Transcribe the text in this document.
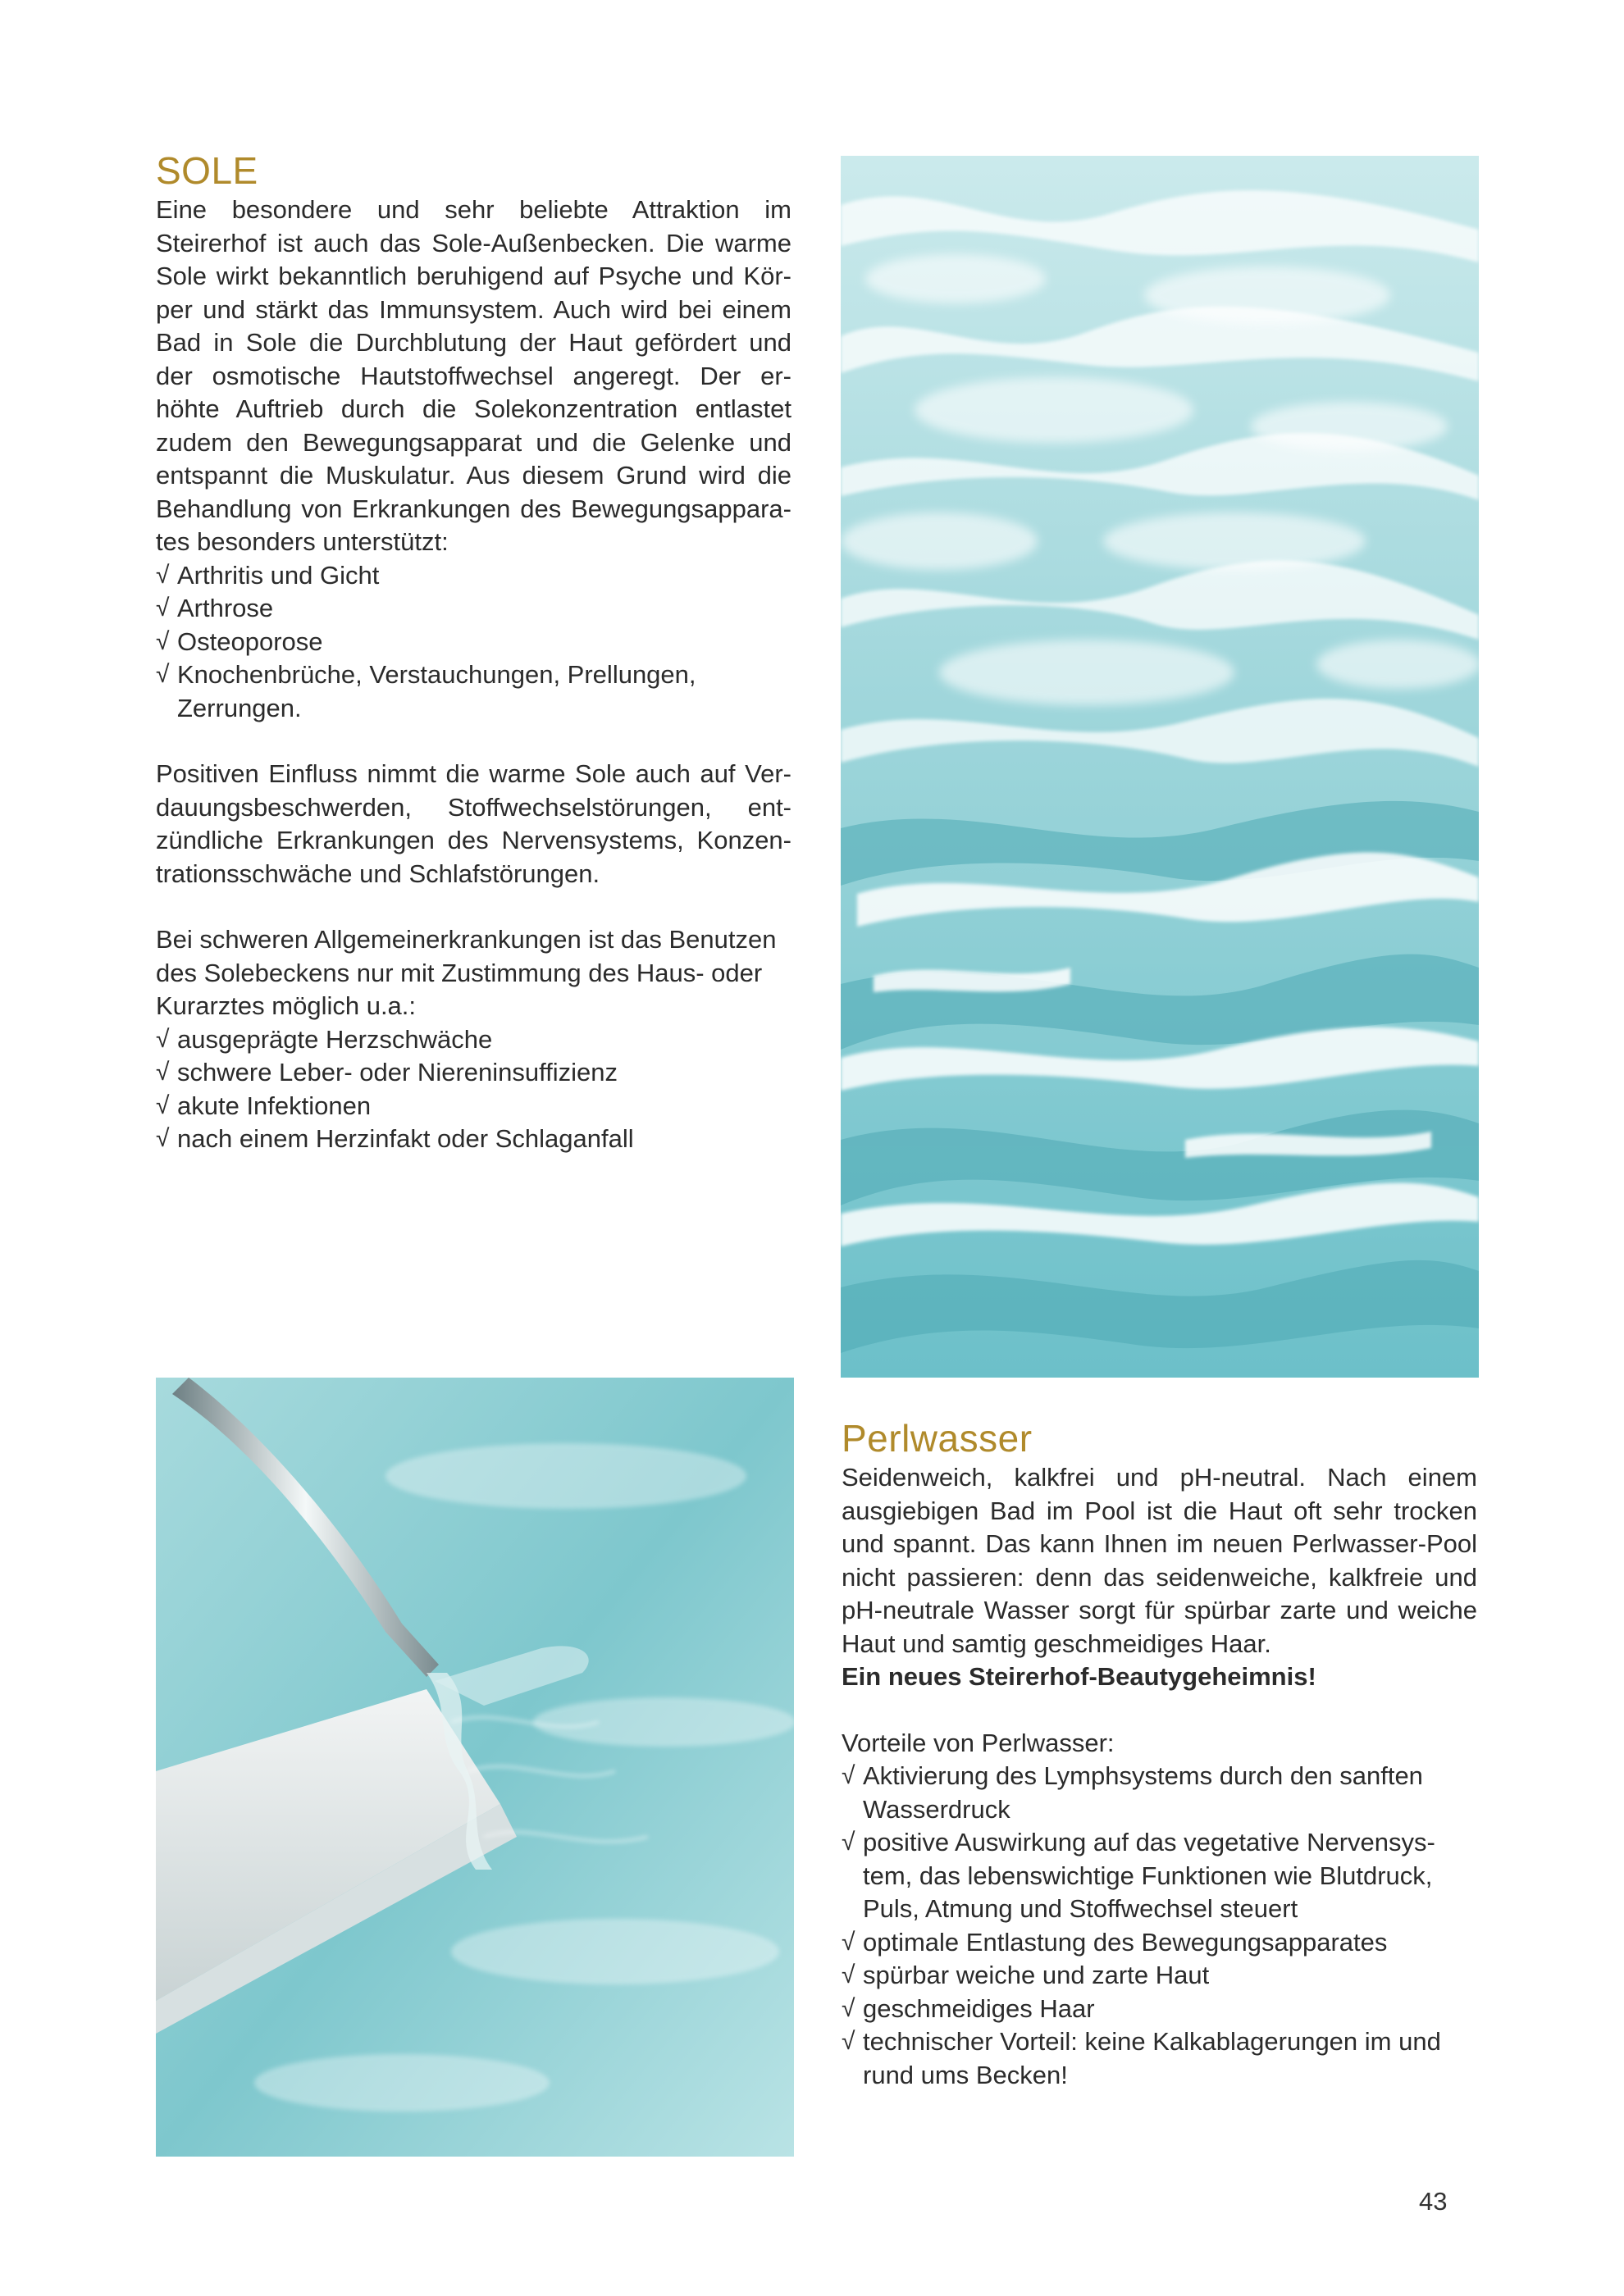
SOLE
Eine besondere und sehr beliebte Attraktion im
Steirerhof ist auch das Sole-Außenbecken. Die warme
Sole wirkt bekanntlich beruhigend auf Psyche und Kör-
per und stärkt das Immunsystem. Auch wird bei einem
Bad in Sole die Durchblutung der Haut gefördert und
der osmotische Hautstoffwechsel angeregt. Der er-
höhte Auftrieb durch die Solekonzentration entlastet
zudem den Bewegungsapparat und die Gelenke und
entspannt die Muskulatur. Aus diesem Grund wird die
Behandlung von Erkrankungen des Bewegungsapparа-
tes besonders unterstützt:
√ Arthritis und Gicht
√ Arthrose
√ Osteoporose
√ Knochenbrüche, Verstauchungen, Prellungen, Zerrungen.
Positiven Einfluss nimmt die warme Sole auch auf Ver-
dauungsbeschwerden, Stoffwechselstörungen, ent-
zündliche Erkrankungen des Nervensystems, Konzen-
trationsschwäche und Schlafstörungen.
Bei schweren Allgemeinerkrankungen ist das Benutzen
des Solebeckens nur mit Zustimmung des Haus- oder
Kurarztes möglich u.a.:
√ ausgeprägte Herzschwäche
√ schwere Leber- oder Niereninsuffizienz
√ akute Infektionen
√ nach einem Herzinfakt oder Schlaganfall
Perlwasser
Seidenweich, kalkfrei und pH-neutral. Nach einem
ausgiebigen Bad im Pool ist die Haut oft sehr trocken
und spannt. Das kann Ihnen im neuen Perlwasser-Pool
nicht passieren: denn das seidenweiche, kalkfreie und
pH-neutrale Wasser sorgt für spürbar zarte und weiche
Haut und samtig geschmeidiges Haar.

Ein neues Steirerhof-Beautygeheimnis!

Vorteile von Perlwasser:

√ Aktivierung des Lymphsystems durch den sanften Wasserdruck
√ positive Auswirkung auf das vegetative Nervensys-tem, das lebenswichtige Funktionen wie Blutdruck, Puls, Atmung und Stoffwechsel steuert
√ optimale Entlastung des Bewegungsapparates
√ spürbar weiche und zarte Haut
√ geschmeidiges Haar
√ technischer Vorteil: keine Kalkablagerungen im und rund ums Becken!
43
